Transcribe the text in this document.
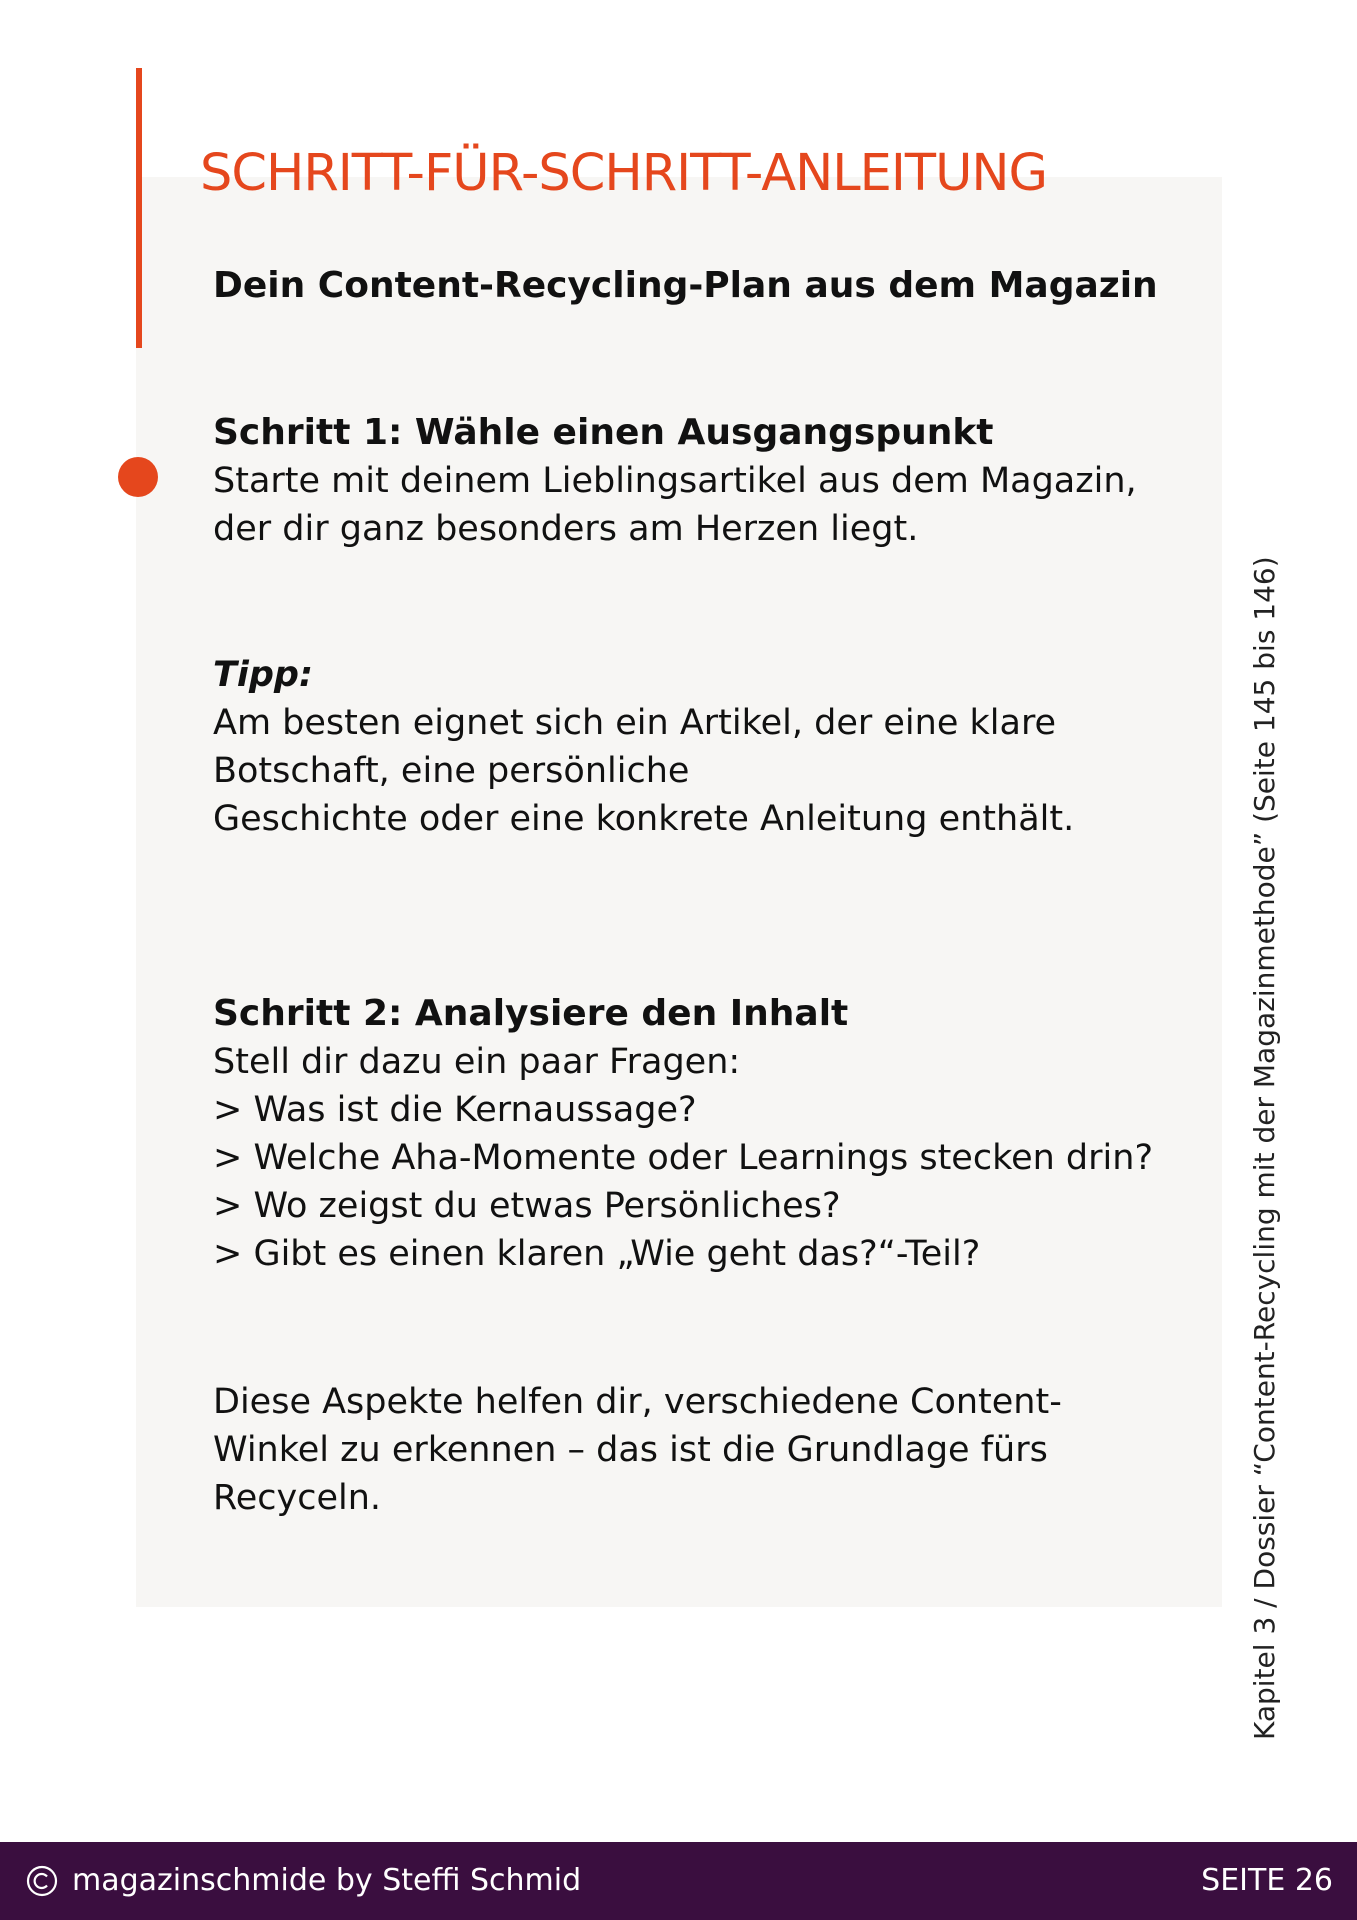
SCHRITT-FÜR-SCHRITT-ANLEITUNG
Dein Content-Recycling-Plan aus dem Magazin
Schritt 1: Wähle einen Ausgangspunkt

Starte mit deinem Lieblingsartikel aus dem Magazin,

der dir ganz besonders am Herzen liegt.

Tipp:

Am besten eignet sich ein Artikel, der eine klare

Botschaft, eine persönliche

Geschichte oder eine konkrete Anleitung enthält.

Schritt 2: Analysiere den Inhalt

Stell dir dazu ein paar Fragen:

> Was ist die Kernaussage?

> Welche Aha-Momente oder Learnings stecken drin?

> Wo zeigst du etwas Persönliches?

> Gibt es einen klaren „Wie geht das?“-Teil?

Diese Aspekte helfen dir, verschiedene Content-

Winkel zu erkennen – das ist die Grundlage fürs

Recyceln.	Kapitel 3 / Dossier “Content-Recycling mit der Magazinmethode” (Seite 145 bis 146)
magazinschmide by Steffi Schmid	SEITE 26
